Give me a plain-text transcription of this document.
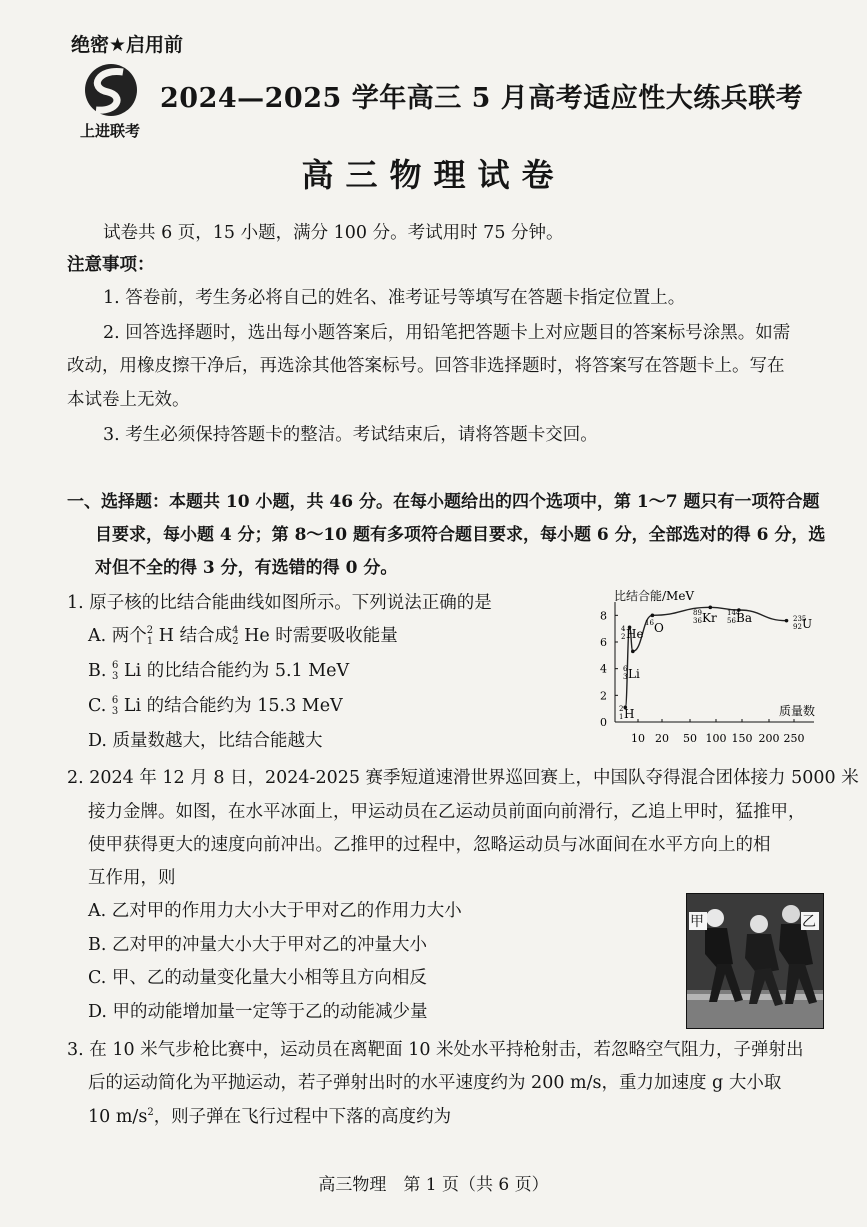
绝密★启用前
上进联考
2024—2025 学年高三 5 月高考适应性大练兵联考
高三物理试卷
试卷共 6 页，15 小题，满分 100 分。考试用时 75 分钟。
注意事项：
1. 答卷前，考生务必将自己的姓名、准考证号等填写在答题卡指定位置上。
2. 回答选择题时，选出每小题答案后，用铅笔把答题卡上对应题目的答案标号涂黑。如需
改动，用橡皮擦干净后，再选涂其他答案标号。回答非选择题时，将答案写在答题卡上。写在
本试卷上无效。
3. 考生必须保持答题卡的整洁。考试结束后，请将答题卡交回。
一、选择题：本题共 10 小题，共 46 分。在每小题给出的四个选项中，第 1～7 题只有一项符合题
目要求，每小题 4 分；第 8～10 题有多项符合题目要求，每小题 6 分，全部选对的得 6 分，选
对但不全的得 3 分，有选错的得 0 分。
1. 原子核的比结合能曲线如图所示。下列说法正确的是
A. 两个 2
1 H 结合成 4
2 He 时需要吸收能量
B. 6
3 Li 的比结合能约为 5.1 MeV
C. 6
3 Li 的结合能约为 15.3 MeV
D. 质量数越大，比结合能越大
比结合能/MeV
质量数
0
2
4
6
8
10 20 50 100 150 200 250
2
1 H
6
3 Li
4
2 He
16 O
89
36 Kr 144
56 Ba	235
92 U
2. 2024 年 12 月 8 日，2024-2025 赛季短道速滑世界巡回赛上，中国队夺得混合团体接力 5000 米
接力金牌。如图，在水平冰面上，甲运动员在乙运动员前面向前滑行，乙追上甲时，猛推甲，
使甲获得更大的速度向前冲出。乙推甲的过程中，忽略运动员与冰面间在水平方向上的相
互作用，则
A. 乙对甲的作用力大小大于甲对乙的作用力大小
B. 乙对甲的冲量大小大于甲对乙的冲量大小
C. 甲、乙的动量变化量大小相等且方向相反
D. 甲的动能增加量一定等于乙的动能减少量
甲	乙
3. 在 10 米气步枪比赛中，运动员在离靶面 10 米处水平持枪射击，若忽略空气阻力，子弹射出
后的运动简化为平抛运动，若子弹射出时的水平速度约为 200 m/s，重力加速度 g 大小取
10 $m/s^2$，则子弹在飞行过程中下落的高度约为
高三物理　第 1 页（共 6 页）
